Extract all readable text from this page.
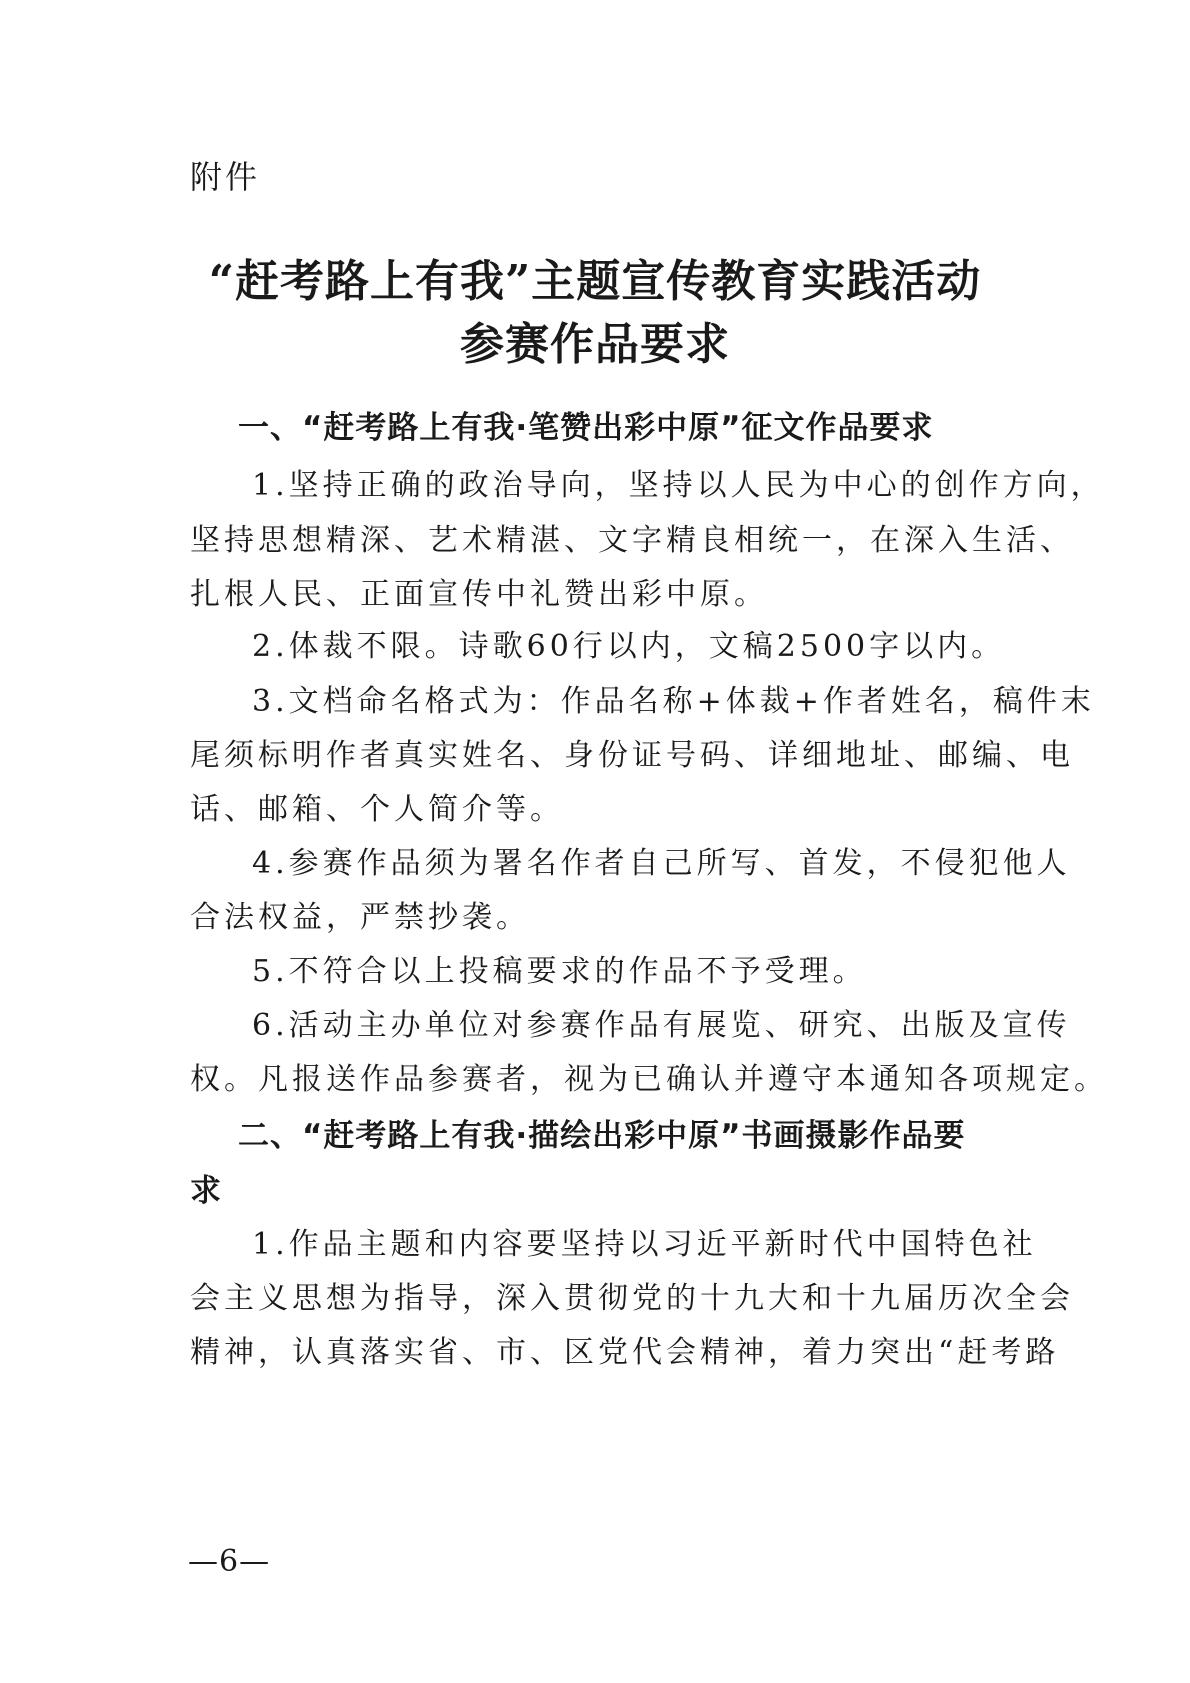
附件
“赶考路上有我”主题宣传教育实践活动
参赛作品要求
一、“赶考路上有我·笔赞出彩中原”征文作品要求
1.坚持正确的政治导向，坚持以人民为中心的创作方向，
坚持思想精深、艺术精湛、文字精良相统一，在深入生活、
扎根人民、正面宣传中礼赞出彩中原。
2.体裁不限。诗歌60行以内，文稿2500字以内。
3.文档命名格式为：作品名称+体裁+作者姓名，稿件末
尾须标明作者真实姓名、身份证号码、详细地址、邮编、电
话、邮箱、个人简介等。
4.参赛作品须为署名作者自己所写、首发，不侵犯他人
合法权益，严禁抄袭。
5.不符合以上投稿要求的作品不予受理。
6.活动主办单位对参赛作品有展览、研究、出版及宣传
权。凡报送作品参赛者，视为已确认并遵守本通知各项规定。
二、“赶考路上有我·描绘出彩中原”书画摄影作品要
求
1.作品主题和内容要坚持以习近平新时代中国特色社
会主义思想为指导，深入贯彻党的十九大和十九届历次全会
精神，认真落实省、市、区党代会精神，着力突出“赶考路
—6—
